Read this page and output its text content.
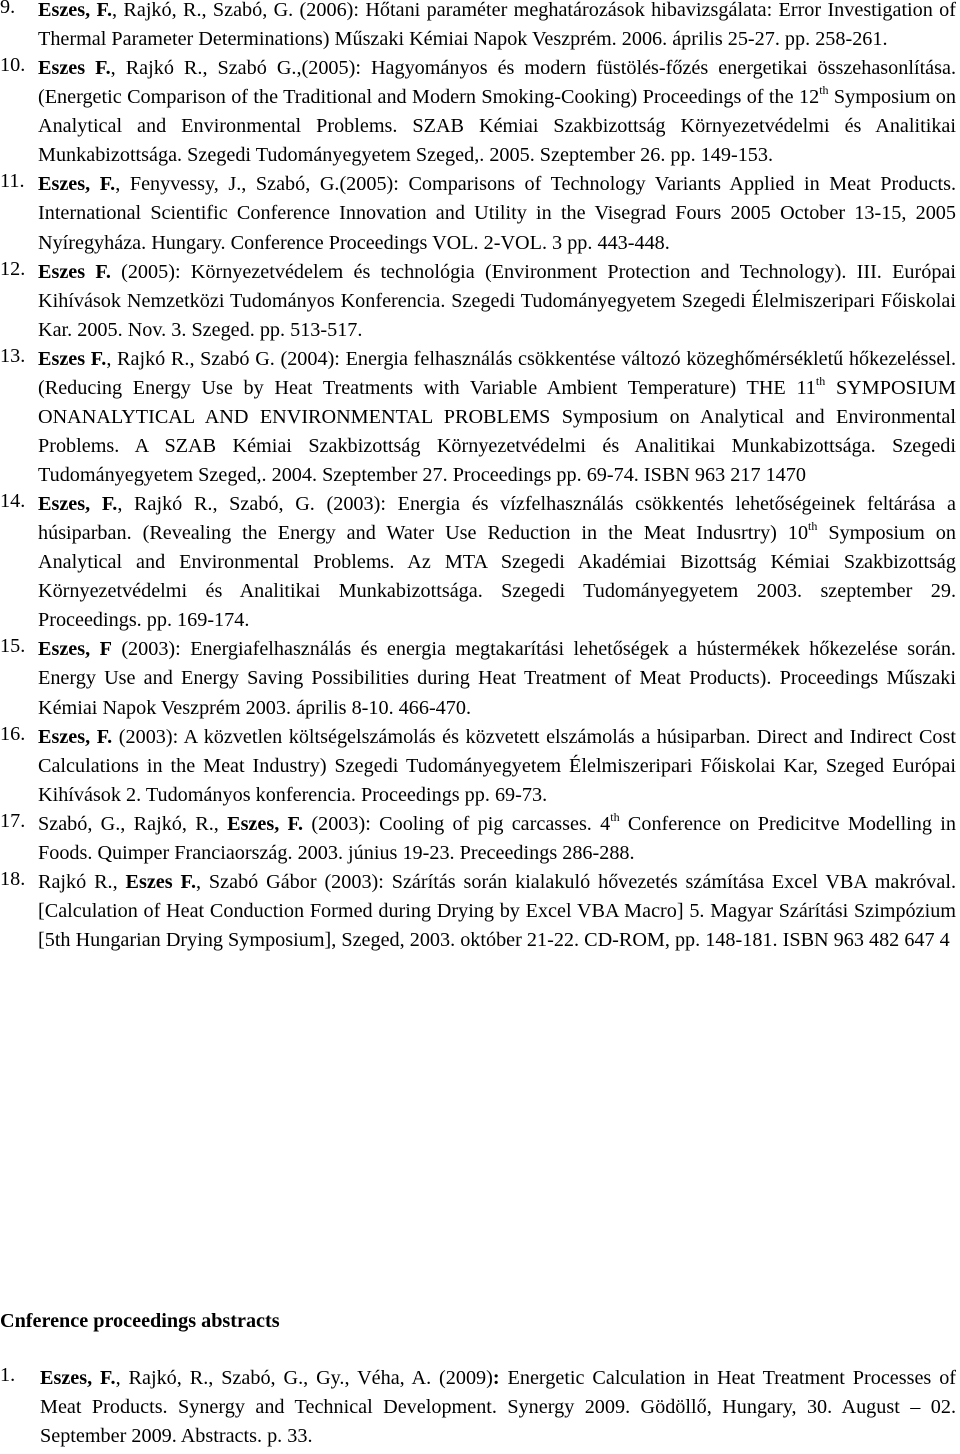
9. Eszes, F., Rajkó, R., Szabó, G. (2006): Hőtani paraméter meghatározások hibavizsgálata: Error Investigation of Thermal Parameter Determinations) Műszaki Kémiai Napok Veszprém. 2006. április 25-27. pp. 258-261.
10. Eszes F., Rajkó R., Szabó G.,(2005): Hagyományos és modern füstölés-főzés energetikai összehasonlítása. (Energetic Comparison of the Traditional and Modern Smoking-Cooking) Proceedings of the 12th Symposium on Analytical and Environmental Problems. SZAB Kémiai Szakbizottság Környezetvédelmi és Analitikai Munkabizottsága. Szegedi Tudományegyetem Szeged,. 2005. Szeptember 26. pp. 149-153.
11. Eszes, F., Fenyvessy, J., Szabó, G.(2005): Comparisons of Technology Variants Applied in Meat Products. International Scientific Conference Innovation and Utility in the Visegrad Fours 2005 October 13-15, 2005 Nyíregyháza. Hungary. Conference Proceedings VOL. 2-VOL. 3 pp. 443-448.
12. Eszes F. (2005): Környezetvédelem és technológia (Environment Protection and Technology). III. Európai Kihívások Nemzetközi Tudományos Konferencia. Szegedi Tudományegyetem Szegedi Élelmiszeripari Főiskolai Kar. 2005. Nov. 3. Szeged. pp. 513-517.
13. Eszes F., Rajkó R., Szabó G. (2004): Energia felhasználás csökkentése változó közeghőmérsékletű hőkezeléssel. (Reducing Energy Use by Heat Treatments with Variable Ambient Temperature) THE 11th SYMPOSIUM ONANALYTICAL AND ENVIRONMENTAL PROBLEMS Symposium on Analytical and Environmental Problems. A SZAB Kémiai Szakbizottság Környezetvédelmi és Analitikai Munkabizottsága. Szegedi Tudományegyetem Szeged,. 2004. Szeptember 27. Proceedings pp. 69-74. ISBN 963 217 1470
14. Eszes, F., Rajkó R., Szabó, G. (2003): Energia és vízfelhasználás csökkentés lehetőségeinek feltárása a húsiparban. (Revealing the Energy and Water Use Reduction in the Meat Indusrtry) 10th Symposium on Analytical and Environmental Problems. Az MTA Szegedi Akadémiai Bizottság Kémiai Szakbizottság Környezetvédelmi és Analitikai Munkabizottsága. Szegedi Tudományegyetem 2003. szeptember 29. Proceedings. pp. 169-174.
15. Eszes, F (2003): Energiafelhasználás és energia megtakarítási lehetőségek a hústermékek hőkezelése során. Energy Use and Energy Saving Possibilities during Heat Treatment of Meat Products). Proceedings Műszaki Kémiai Napok Veszprém 2003. április 8-10. 466-470.
16. Eszes, F. (2003): A közvetlen költségelszámolás és közvetett elszámolás a húsiparban. Direct and Indirect Cost Calculations in the Meat Industry) Szegedi Tudományegyetem Élelmiszeripari Főiskolai Kar, Szeged Európai Kihívások 2. Tudományos konferencia. Proceedings pp. 69-73.
17. Szabó, G., Rajkó, R., Eszes, F. (2003): Cooling of pig carcasses. 4th Conference on Predicitve Modelling in Foods. Quimper Franciaország. 2003. június 19-23. Preceedings 286-288.
18. Rajkó R., Eszes F., Szabó Gábor (2003): Szárítás során kialakuló hővezetés számítása Excel VBA makróval. [Calculation of Heat Conduction Formed during Drying by Excel VBA Macro] 5. Magyar Szárítási Szimpózium [5th Hungarian Drying Symposium], Szeged, 2003. október 21-22. CD-ROM, pp. 148-181. ISBN 963 482 647 4
Cnference proceedings abstracts
1. Eszes, F., Rajkó, R., Szabó, G., Gy., Véha, A. (2009): Energetic Calculation in Heat Treatment Processes of Meat Products. Synergy and Technical Development. Synergy 2009. Gödöllő, Hungary, 30. August – 02. September 2009. Abstracts. p. 33.
